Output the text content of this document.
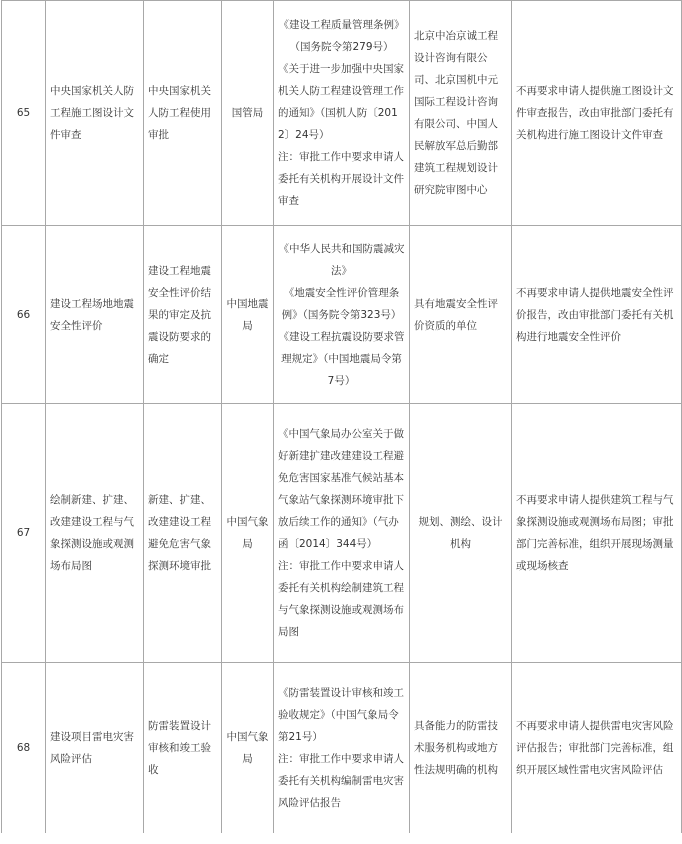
65	中央国家机关人防工程施工图设计文件审查	中央国家机关人防工程使用审批	国管局	《建设工程质量管理条例》
（国务院令第279号）
《关于进一步加强中央国家机关人防工程建设管理工作的通知》（国机人防〔2012〕24号）
注：审批工作中要求申请人委托有关机构开展设计文件审查	北京中冶京诚工程设计咨询有限公司、北京国机中元国际工程设计咨询有限公司、中国人民解放军总后勤部建筑工程规划设计研究院审图中心	不再要求申请人提供施工图设计文件审查报告，改由审批部门委托有关机构进行施工图设计文件审查
66	建设工程场地地震安全性评价	建设工程地震安全性评价结果的审定及抗震设防要求的确定	中国地震局	《中华人民共和国防震减灾法》
《地震安全性评价管理条例》（国务院令第323号）
《建设工程抗震设防要求管理规定》（中国地震局令第7号）	具有地震安全性评价资质的单位	不再要求申请人提供地震安全性评价报告，改由审批部门委托有关机构进行地震安全性评价
67	绘制新建、扩建、改建建设工程与气象探测设施或观测场布局图	新建、扩建、改建建设工程避免危害气象探测环境审批	中国气象局	《中国气象局办公室关于做好新建扩建改建建设工程避免危害国家基准气候站基本气象站气象探测环境审批下放后续工作的通知》（气办函〔2014〕344号）
注：审批工作中要求申请人委托有关机构绘制建筑工程与气象探测设施或观测场布局图	规划、测绘、设计机构	不再要求申请人提供建筑工程与气象探测设施或观测场布局图；审批部门完善标准，组织开展现场测量或现场核查
68	建设项目雷电灾害风险评估	防雷装置设计审核和竣工验收	中国气象局	《防雷装置设计审核和竣工验收规定》（中国气象局令第21号）
注：审批工作中要求申请人委托有关机构编制雷电灾害风险评估报告	具备能力的防雷技术服务机构或地方性法规明确的机构	不再要求申请人提供雷电灾害风险评估报告；审批部门完善标准，组织开展区域性雷电灾害风险评估
